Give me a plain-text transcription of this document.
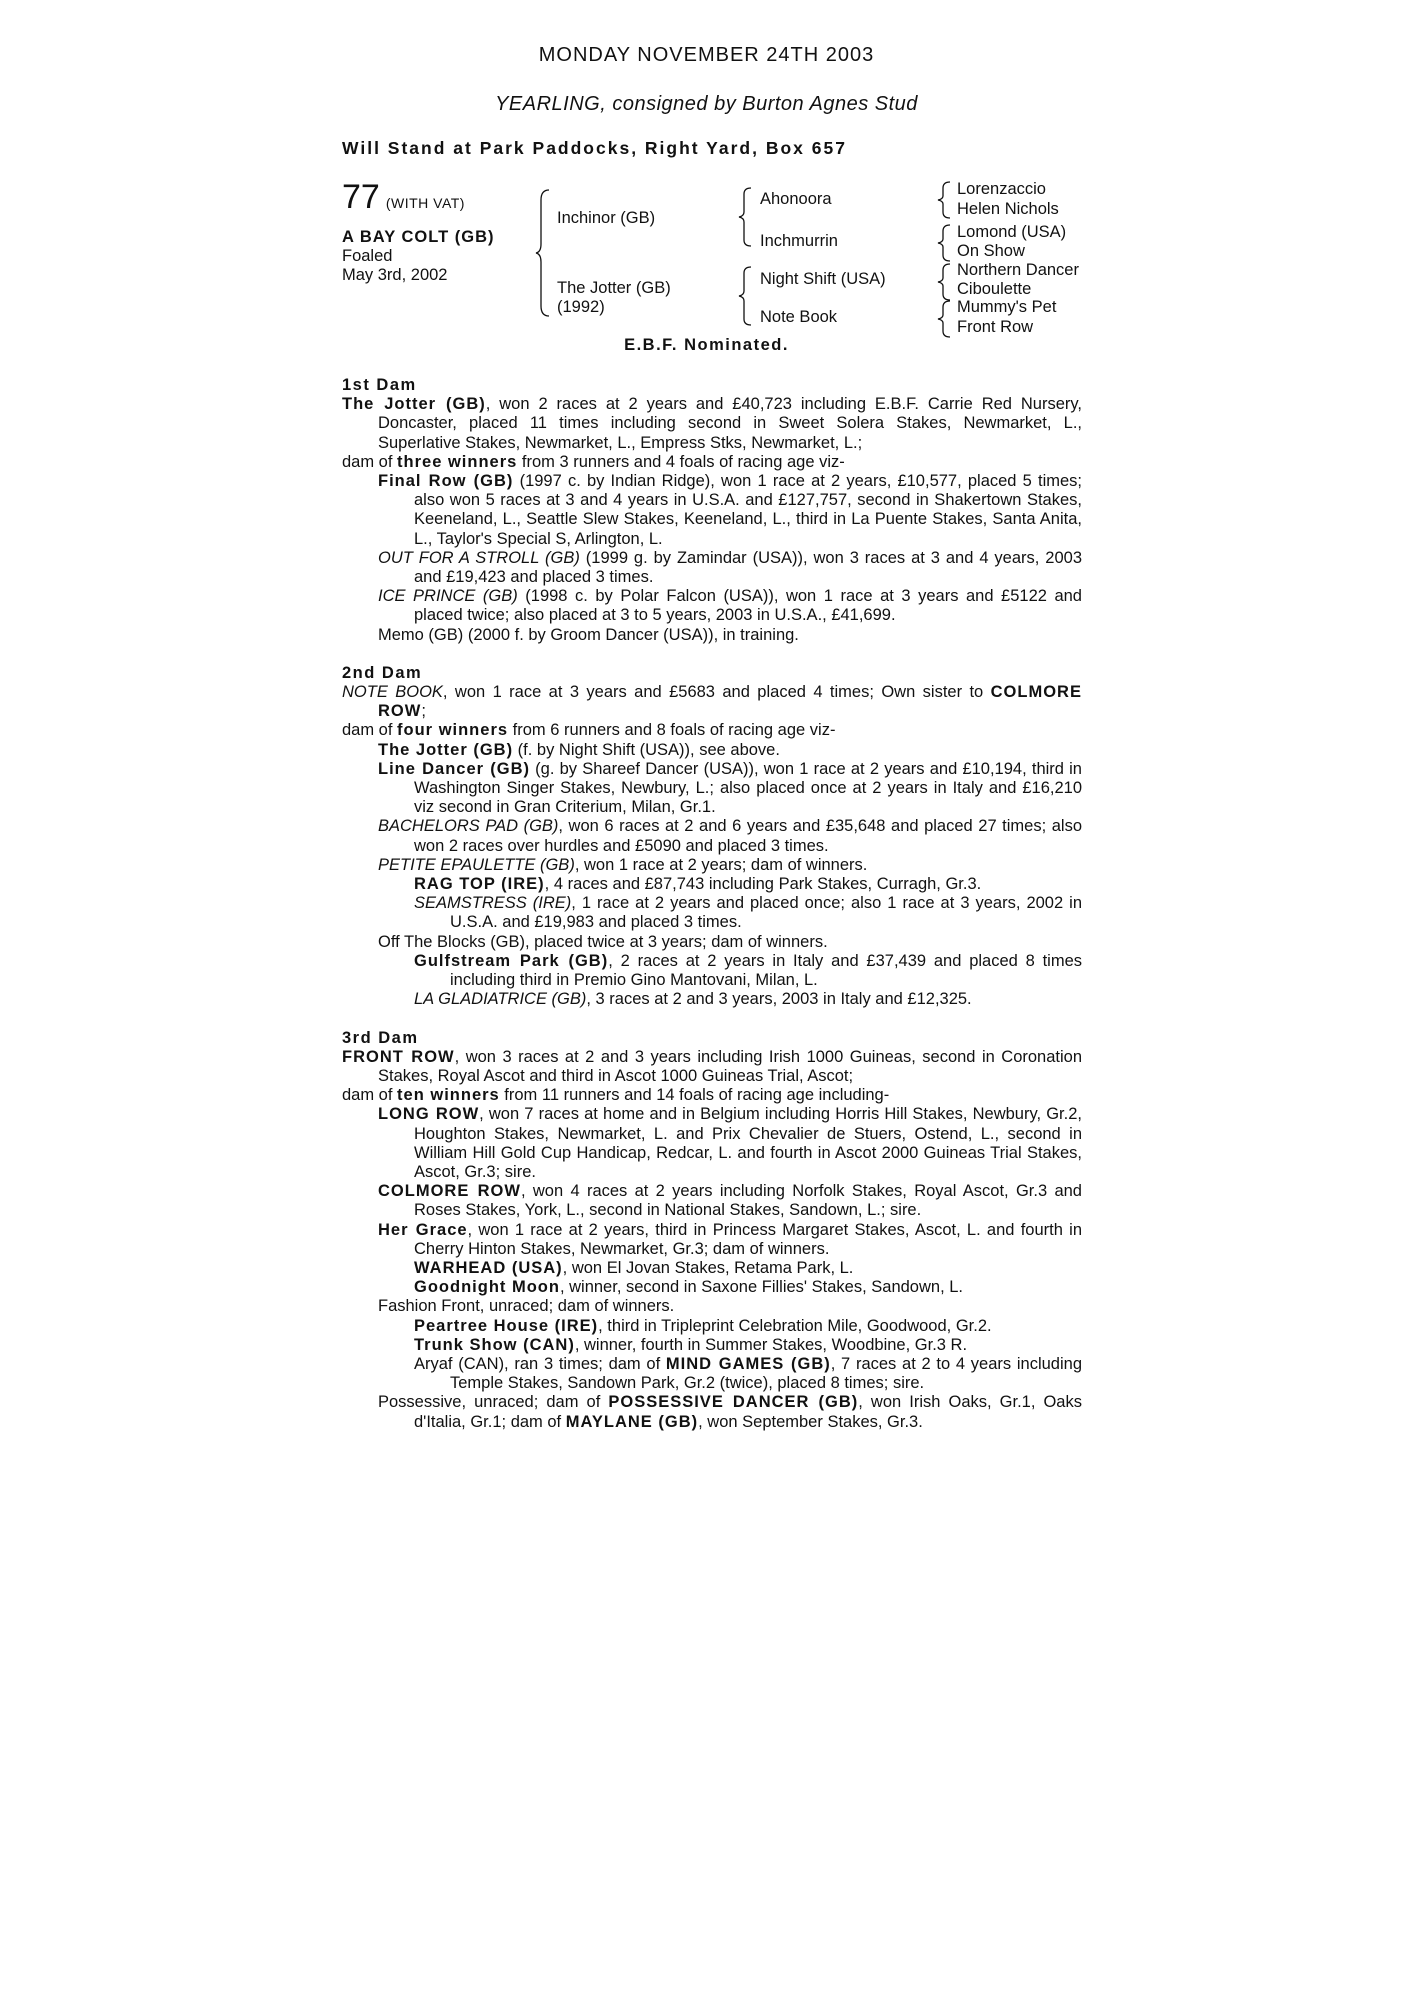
MONDAY NOVEMBER 24TH 2003
YEARLING, consigned by Burton Agnes Stud
Will Stand at Park Paddocks, Right Yard, Box 657
77 (WITH VAT)
A BAY COLT (GB)
Foaled
May 3rd, 2002
Inchinor (GB)
The Jotter (GB)
(1992)
Ahonoora
Inchmurrin
Night Shift (USA)
Note Book
Lorenzaccio
Helen Nichols
Lomond (USA)
On Show
Northern Dancer
Ciboulette
Mummy's Pet
Front Row
E.B.F. Nominated.
1st Dam

The Jotter (GB), won 2 races at 2 years and £40,723 including E.B.F. Carrie Red Nursery, Doncaster, placed 11 times including second in Sweet Solera Stakes, Newmarket, L., Superlative Stakes, Newmarket, L., Empress Stks, Newmarket, L.;

dam of three winners from 3 runners and 4 foals of racing age viz-

Final Row (GB) (1997 c. by Indian Ridge), won 1 race at 2 years, £10,577, placed 5 times; also won 5 races at 3 and 4 years in U.S.A. and £127,757, second in Shakertown Stakes, Keeneland, L., Seattle Slew Stakes, Keeneland, L., third in La Puente Stakes, Santa Anita, L., Taylor's Special S, Arlington, L.

OUT FOR A STROLL (GB) (1999 g. by Zamindar (USA)), won 3 races at 3 and 4 years, 2003 and £19,423 and placed 3 times.

ICE PRINCE (GB) (1998 c. by Polar Falcon (USA)), won 1 race at 3 years and £5122 and placed twice; also placed at 3 to 5 years, 2003 in U.S.A., £41,699.

Memo (GB) (2000 f. by Groom Dancer (USA)), in training.

2nd Dam

NOTE BOOK, won 1 race at 3 years and £5683 and placed 4 times; Own sister to COLMORE ROW;

dam of four winners from 6 runners and 8 foals of racing age viz-

The Jotter (GB) (f. by Night Shift (USA)), see above.

Line Dancer (GB) (g. by Shareef Dancer (USA)), won 1 race at 2 years and £10,194, third in Washington Singer Stakes, Newbury, L.; also placed once at 2 years in Italy and £16,210 viz second in Gran Criterium, Milan, Gr.1.

BACHELORS PAD (GB), won 6 races at 2 and 6 years and £35,648 and placed 27 times; also won 2 races over hurdles and £5090 and placed 3 times.

PETITE EPAULETTE (GB), won 1 race at 2 years; dam of winners.

RAG TOP (IRE), 4 races and £87,743 including Park Stakes, Curragh, Gr.3.

SEAMSTRESS (IRE), 1 race at 2 years and placed once; also 1 race at 3 years, 2002 in U.S.A. and £19,983 and placed 3 times.

Off The Blocks (GB), placed twice at 3 years; dam of winners.

Gulfstream Park (GB), 2 races at 2 years in Italy and £37,439 and placed 8 times including third in Premio Gino Mantovani, Milan, L.

LA GLADIATRICE (GB), 3 races at 2 and 3 years, 2003 in Italy and £12,325.

3rd Dam

FRONT ROW, won 3 races at 2 and 3 years including Irish 1000 Guineas, second in Coronation Stakes, Royal Ascot and third in Ascot 1000 Guineas Trial, Ascot;

dam of ten winners from 11 runners and 14 foals of racing age including-

LONG ROW, won 7 races at home and in Belgium including Horris Hill Stakes, Newbury, Gr.2, Houghton Stakes, Newmarket, L. and Prix Chevalier de Stuers, Ostend, L., second in William Hill Gold Cup Handicap, Redcar, L. and fourth in Ascot 2000 Guineas Trial Stakes, Ascot, Gr.3; sire.

COLMORE ROW, won 4 races at 2 years including Norfolk Stakes, Royal Ascot, Gr.3 and Roses Stakes, York, L., second in National Stakes, Sandown, L.; sire.

Her Grace, won 1 race at 2 years, third in Princess Margaret Stakes, Ascot, L. and fourth in Cherry Hinton Stakes, Newmarket, Gr.3; dam of winners.

WARHEAD (USA), won El Jovan Stakes, Retama Park, L.

Goodnight Moon, winner, second in Saxone Fillies' Stakes, Sandown, L.

Fashion Front, unraced; dam of winners.

Peartree House (IRE), third in Tripleprint Celebration Mile, Goodwood, Gr.2.

Trunk Show (CAN), winner, fourth in Summer Stakes, Woodbine, Gr.3 R.

Aryaf (CAN), ran 3 times; dam of MIND GAMES (GB), 7 races at 2 to 4 years including Temple Stakes, Sandown Park, Gr.2 (twice), placed 8 times; sire.

Possessive, unraced; dam of POSSESSIVE DANCER (GB), won Irish Oaks, Gr.1, Oaks d'Italia, Gr.1; dam of MAYLANE (GB), won September Stakes, Gr.3.
